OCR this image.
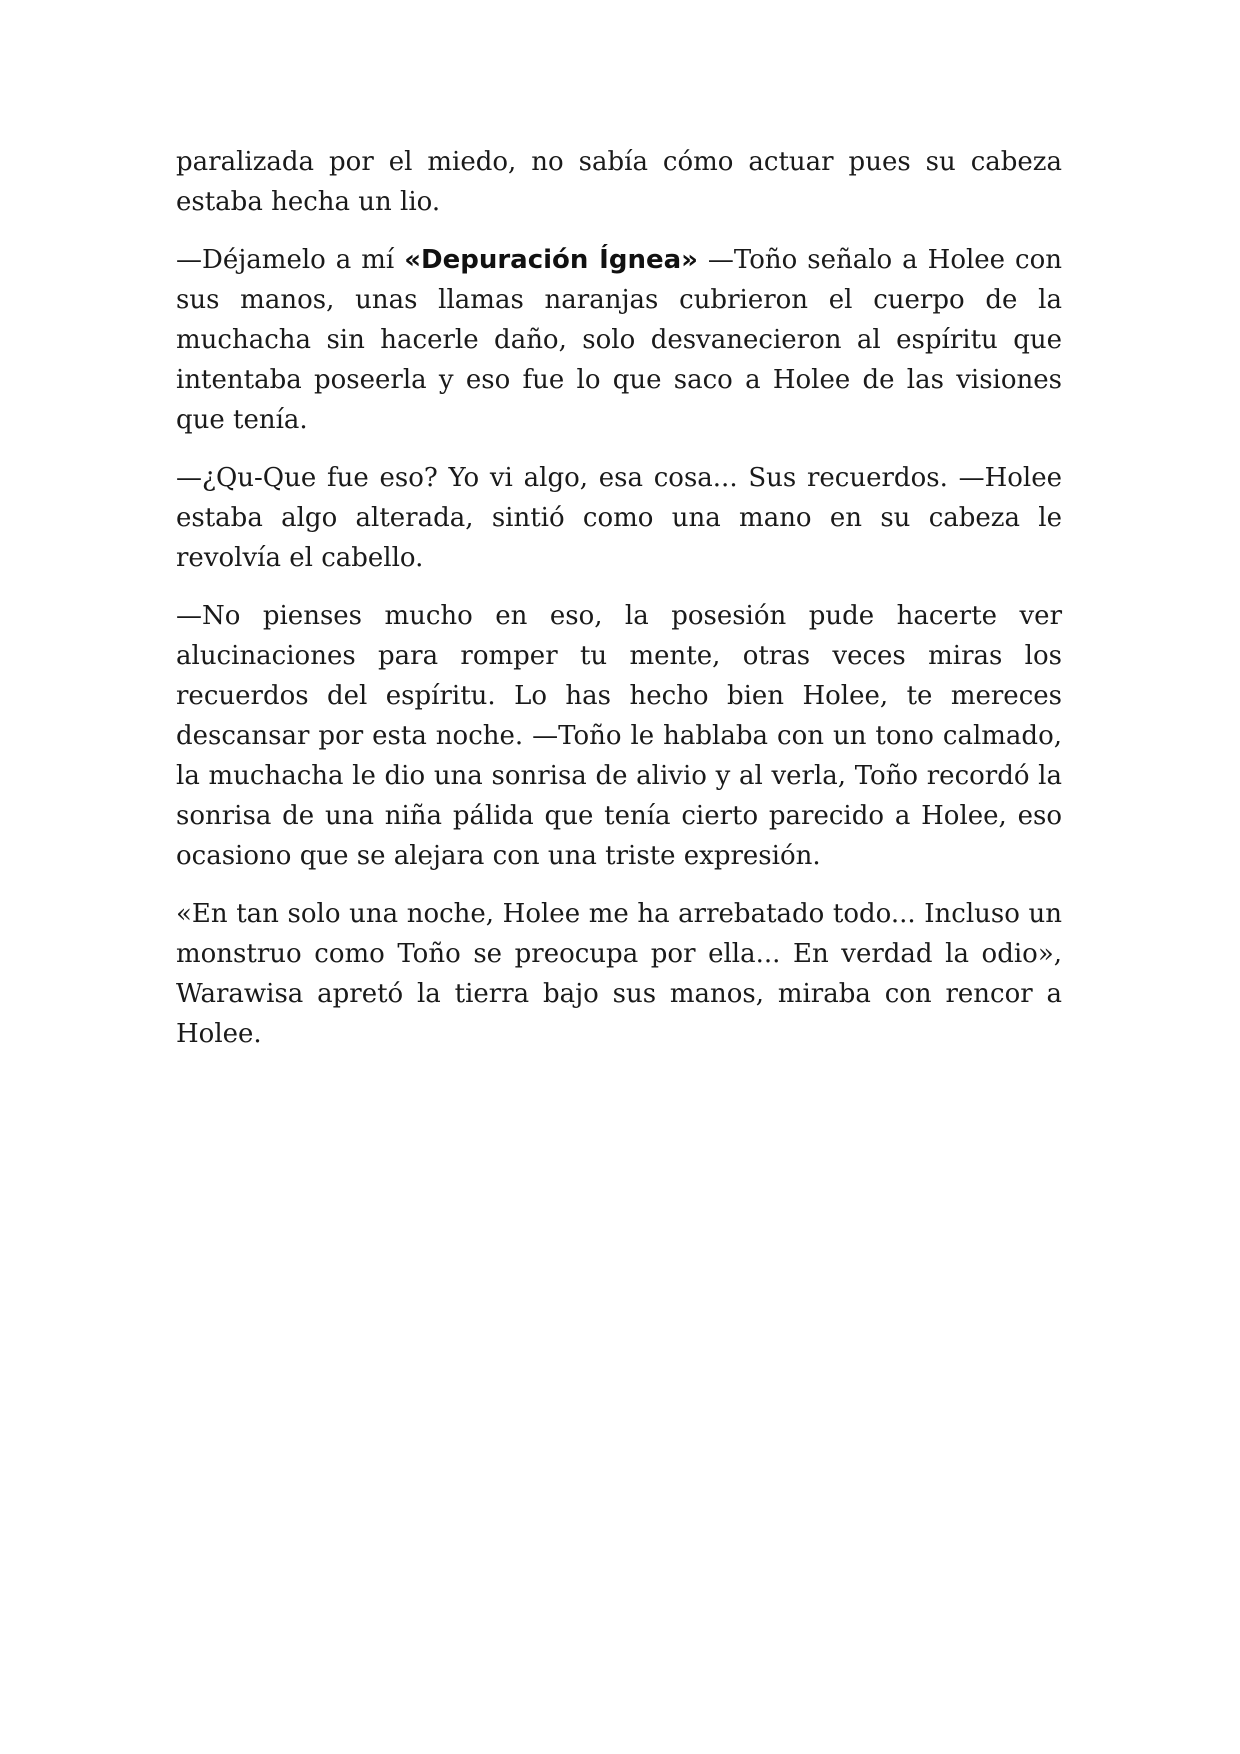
paralizada por el miedo, no sabía cómo actuar pues su cabeza estaba hecha un lio.

—Déjamelo a mí «Depuración Ígnea» —Toño señalo a Holee con sus manos, unas llamas naranjas cubrieron el cuerpo de la muchacha sin hacerle daño, solo desvanecieron al espíritu que intentaba poseerla y eso fue lo que saco a Holee de las visiones que tenía.

—¿Qu-Que fue eso? Yo vi algo, esa cosa... Sus recuerdos. —Holee estaba algo alterada, sintió como una mano en su cabeza le revolvía el cabello.

—No pienses mucho en eso, la posesión pude hacerte ver alucinaciones para romper tu mente, otras veces miras los recuerdos del espíritu. Lo has hecho bien Holee, te mereces descansar por esta noche. —Toño le hablaba con un tono calmado, la muchacha le dio una sonrisa de alivio y al verla, Toño recordó la sonrisa de una niña pálida que tenía cierto parecido a Holee, eso ocasiono que se alejara con una triste expresión.

«En tan solo una noche, Holee me ha arrebatado todo... Incluso un monstruo como Toño se preocupa por ella... En verdad la odio», Warawisa apretó la tierra bajo sus manos, miraba con rencor a Holee.
